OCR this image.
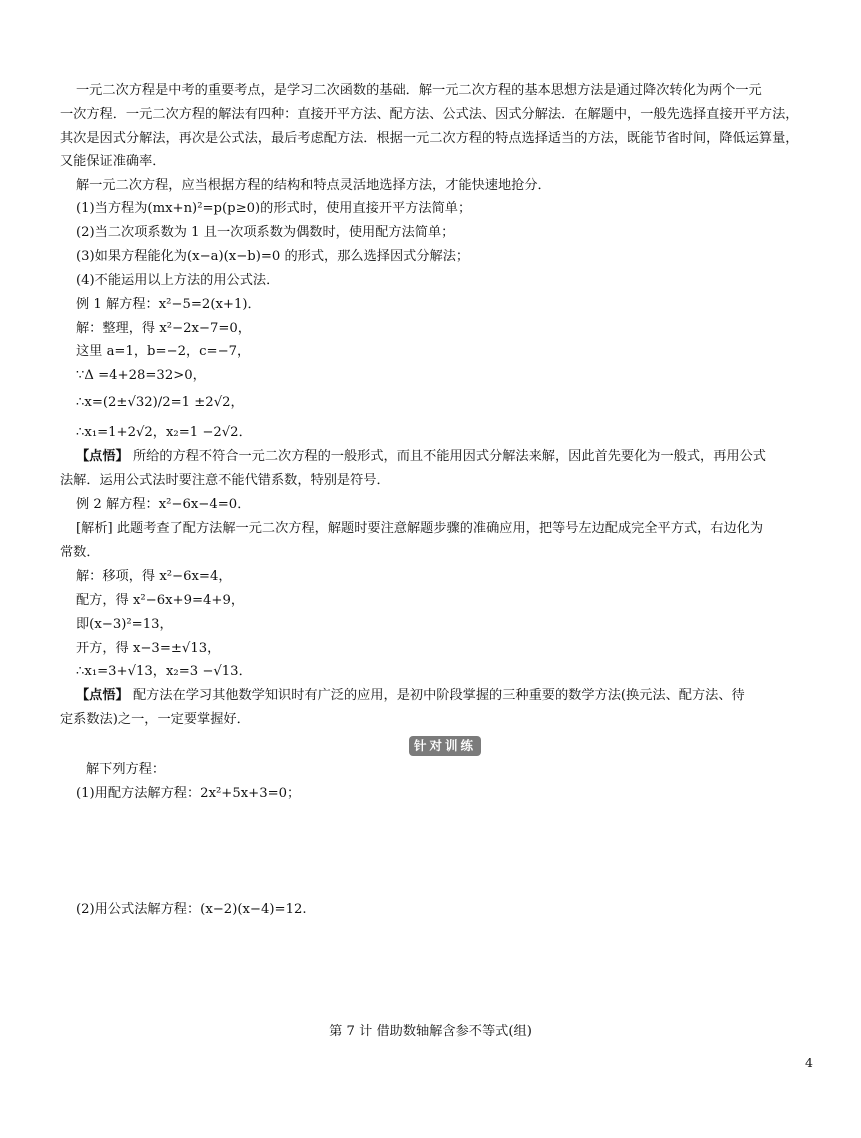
一元二次方程是中考的重要考点，是学习二次函数的基础．解一元二次方程的基本思想方法是通过降次转化为两个一元
一次方程．一元二次方程的解法有四种：直接开平方法、配方法、公式法、因式分解法．在解题中，一般先选择直接开平方法，
其次是因式分解法，再次是公式法，最后考虑配方法．根据一元二次方程的特点选择适当的方法，既能节省时间，降低运算量，
又能保证准确率．
解一元二次方程，应当根据方程的结构和特点灵活地选择方法，才能快速地抢分．
(1)当方程为(mx+n)²=p(p≥0)的形式时，使用直接开平方法简单；
(2)当二次项系数为 1 且一次项系数为偶数时，使用配方法简单；
(3)如果方程能化为(x−a)(x−b)=0 的形式，那么选择因式分解法；
(4)不能运用以上方法的用公式法．
例 1 解方程：x²−5=2(x+1)．
解：整理，得 x²−2x−7=0，
这里 a=1，b=−2，c=−7，
∵Δ =4+28=32>0，
∴x=(2±√32)/2=1 ±2√2，
∴x₁=1+2√2，x₂=1 −2√2．
【点悟】 所给的方程不符合一元二次方程的一般形式，而且不能用因式分解法来解，因此首先要化为一般式，再用公式
法解．运用公式法时要注意不能代错系数，特别是符号．
例 2 解方程：x²−6x−4=0．
[解析] 此题考查了配方法解一元二次方程，解题时要注意解题步骤的准确应用，把等号左边配成完全平方式，右边化为
常数．
解：移项，得 x²−6x=4，
配方，得 x²−6x+9=4+9，
即(x−3)²=13，
开方，得 x−3=±√13，
∴x₁=3+√13，x₂=3 −√13．
【点悟】 配方法在学习其他数学知识时有广泛的应用，是初中阶段掌握的三种重要的数学方法(换元法、配方法、待
定系数法)之一，一定要掌握好．
针对训练
解下列方程：
(1)用配方法解方程：2x²+5x+3=0；
(2)用公式法解方程：(x−2)(x−4)=12.
第 7 计 借助数轴解含参不等式(组)
4
